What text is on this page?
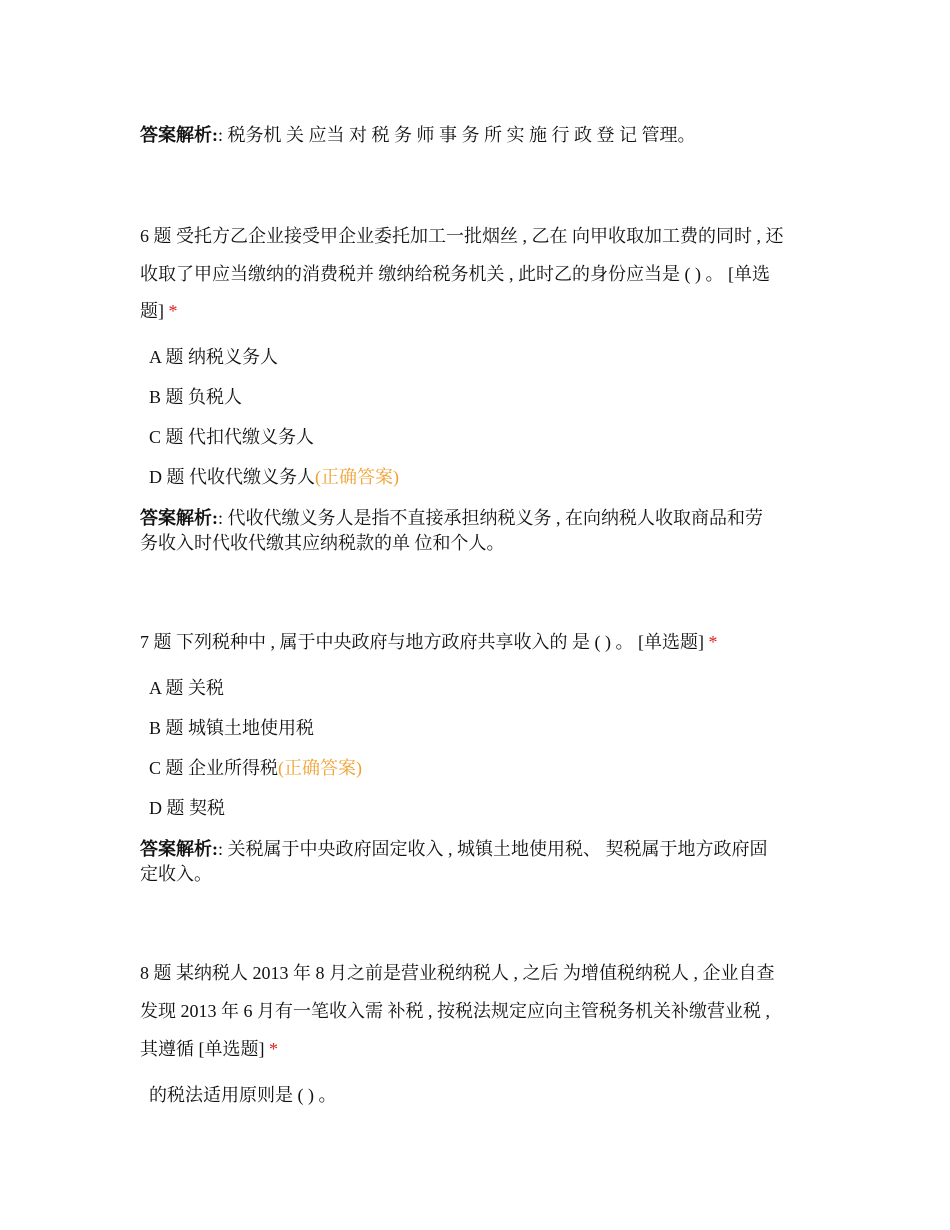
答案解析:: 税务机 关 应当 对 税 务 师 事 务 所 实 施 行 政 登 记 管理。
6 题 受托方乙企业接受甲企业委托加工一批烟丝 , 乙在 向甲收取加工费的同时 , 还
收取了甲应当缴纳的消费税并 缴纳给税务机关 , 此时乙的身份应当是 ( ) 。 [单选
题] *
A 题 纳税义务人
B 题 负税人
C 题 代扣代缴义务人
D 题 代收代缴义务人(正确答案)
答案解析:: 代收代缴义务人是指不直接承担纳税义务 , 在向纳税人收取商品和劳
务收入时代收代缴其应纳税款的单 位和个人。
7 题 下列税种中 , 属于中央政府与地方政府共享收入的 是 ( ) 。 [单选题] *
A 题 关税
B 题 城镇土地使用税
C 题 企业所得税(正确答案)
D 题 契税
答案解析:: 关税属于中央政府固定收入 , 城镇土地使用税、 契税属于地方政府固
定收入。
8 题 某纳税人 2013 年 8 月之前是营业税纳税人 , 之后 为增值税纳税人 , 企业自查
发现 2013 年 6 月有一笔收入需 补税 , 按税法规定应向主管税务机关补缴营业税 ,
其遵循 [单选题] *
的税法适用原则是 ( ) 。
